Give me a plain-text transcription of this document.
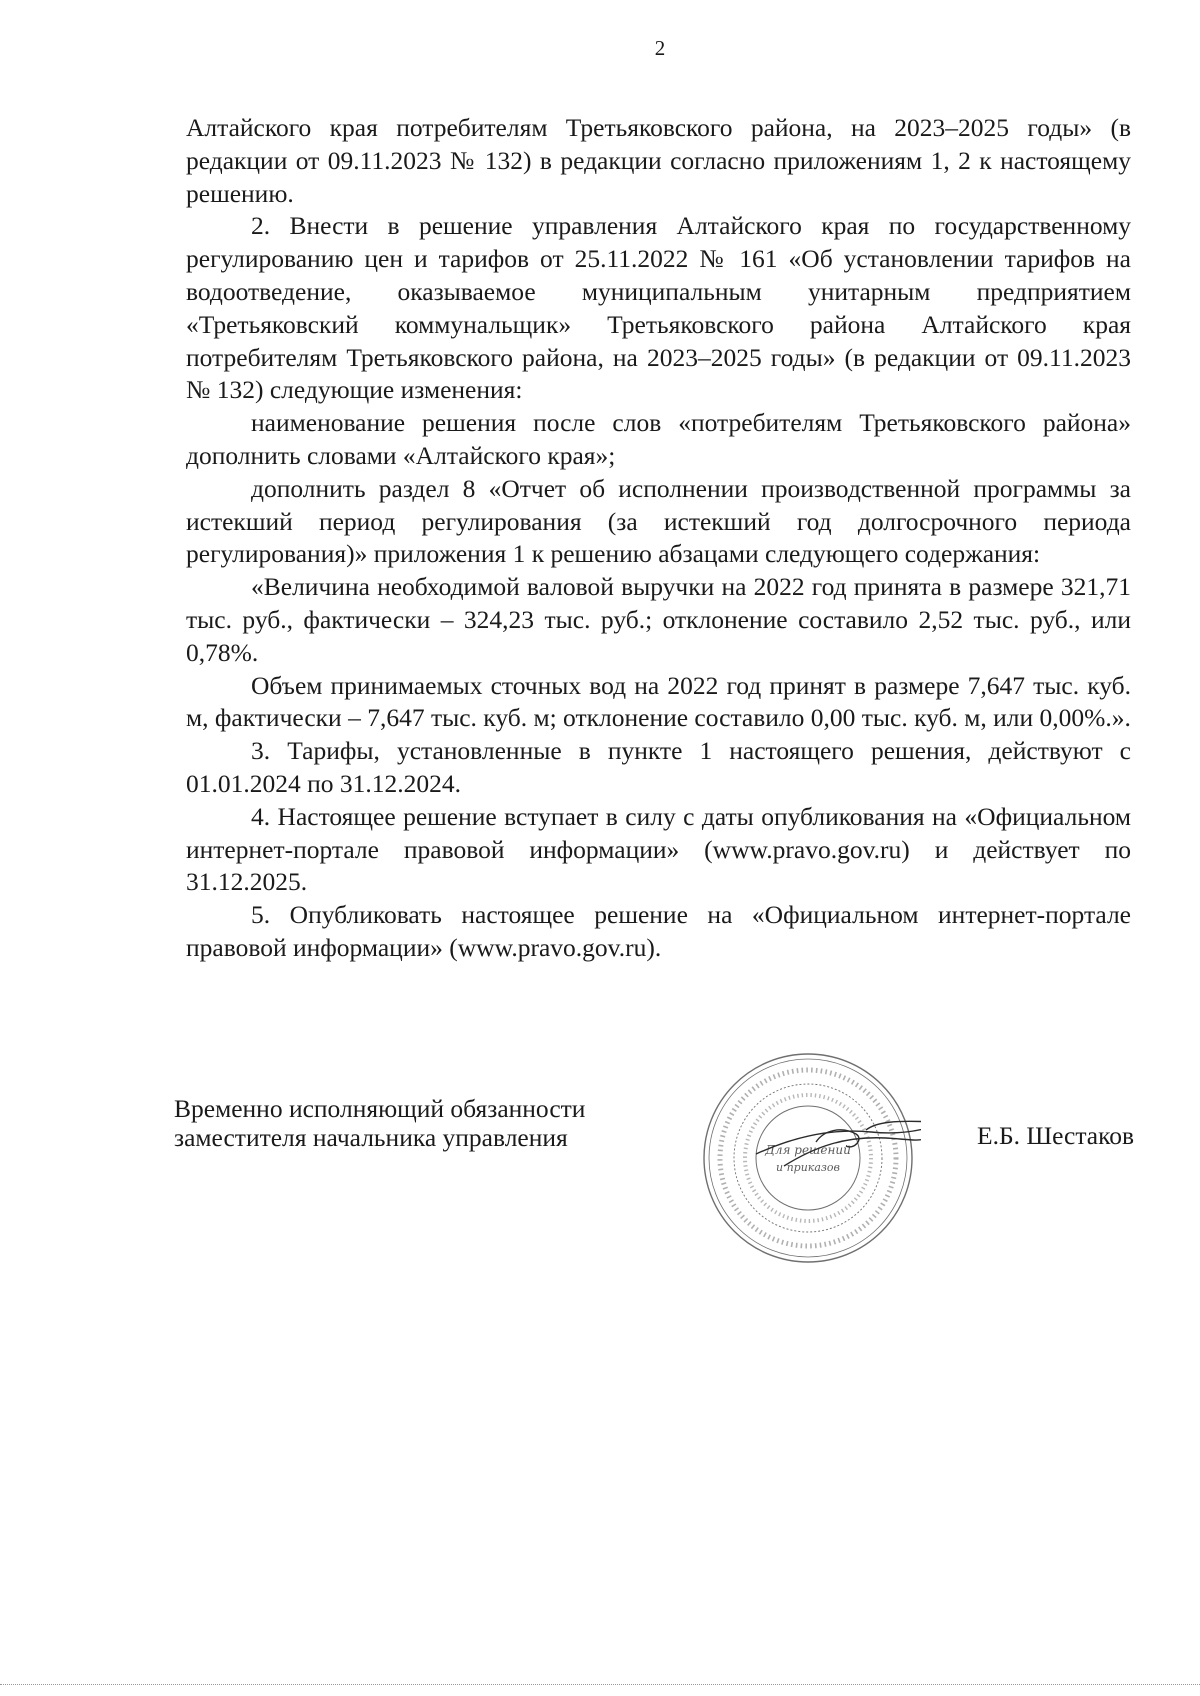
2

Алтайского края потребителям Третьяковского района, на 2023–2025 годы» (в редакции от 09.11.2023 № 132) в редакции согласно приложениям 1, 2 к настоящему решению.

2. Внести в решение управления Алтайского края по государственному регулированию цен и тарифов от 25.11.2022 № 161 «Об установлении тарифов на водоотведение, оказываемое муниципальным унитарным предприятием «Третьяковский коммунальщик» Третьяковского района Алтайского края потребителям Третьяковского района, на 2023–2025 годы» (в редакции от 09.11.2023 № 132) следующие изменения:

наименование решения после слов «потребителям Третьяковского района» дополнить словами «Алтайского края»;

дополнить раздел 8 «Отчет об исполнении производственной программы за истекший период регулирования (за истекший год долгосрочного периода регулирования)» приложения 1 к решению абзацами следующего содержания:

«Величина необходимой валовой выручки на 2022 год принята в размере 321,71 тыс. руб., фактически – 324,23 тыс. руб.; отклонение составило 2,52 тыс. руб., или 0,78%.

Объем принимаемых сточных вод на 2022 год принят в размере 7,647 тыс. куб. м, фактически – 7,647 тыс. куб. м; отклонение составило 0,00 тыс. куб. м, или 0,00%.».

3. Тарифы, установленные в пункте 1 настоящего решения, действуют с 01.01.2024 по 31.12.2024.

4. Настоящее решение вступает в силу с даты опубликования на «Официальном интернет-портале правовой информации» (www.pravo.gov.ru) и действует по 31.12.2025.

5. Опубликовать настоящее решение на «Официальном интернет-портале правовой информации» (www.pravo.gov.ru).

Временно исполняющий обязанности
заместителя начальника управления	Для решений
и приказов
Е.Б. Шестаков
